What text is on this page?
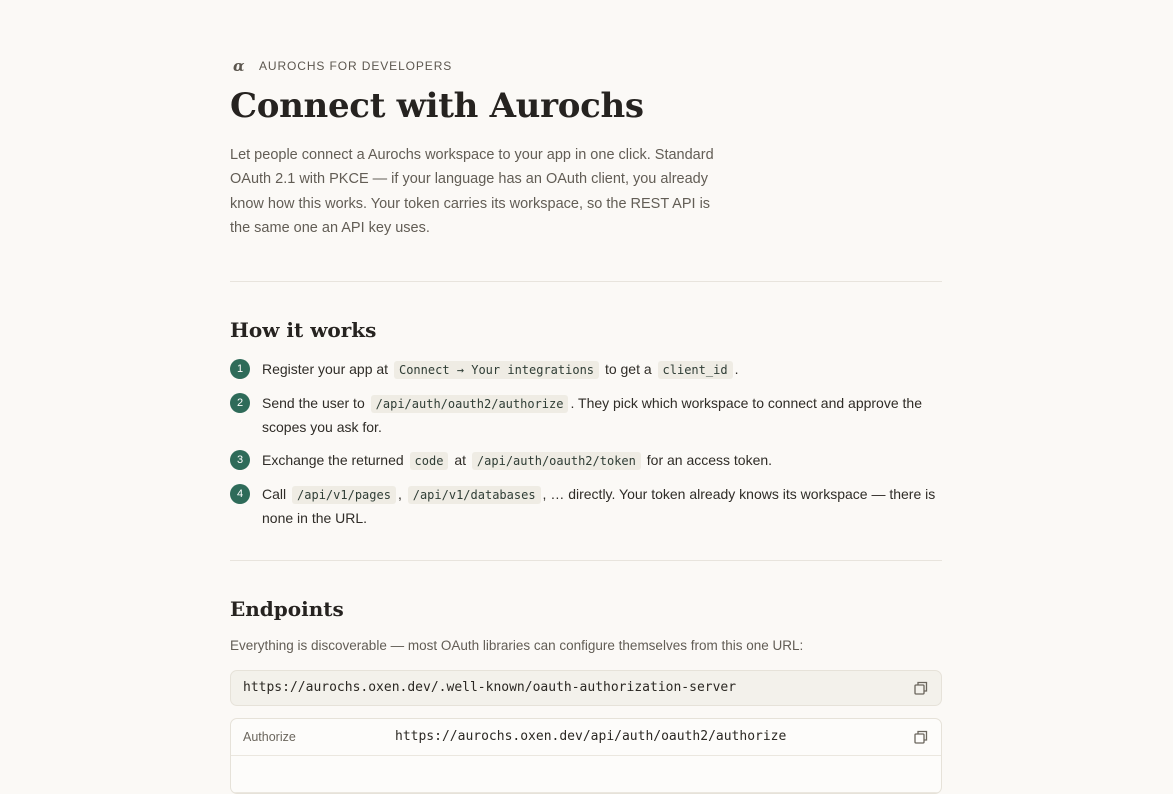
α AUROCHS FOR DEVELOPERS
Connect with Aurochs

Let people connect a Aurochs workspace to your app in one click. Standard OAuth 2.1 with PKCE — if your language has an OAuth client, you already know how this works. Your token carries its workspace, so the REST API is the same one an API key uses.

How it works
1	Register your app at Connect → Your integrations to get a client_id .
2	Send the user to /api/auth/oauth2/authorize . They pick which workspace to connect and approve the scopes you ask for.
3	Exchange the returned code at /api/auth/oauth2/token for an access token.
4	Call /api/v1/pages , /api/v1/databases , … directly. Your token already knows its workspace — there is none in the URL.
Endpoints

Everything is discoverable — most OAuth libraries can configure themselves from this one URL:

https://aurochs.oxen.dev/.well-known/oauth-authorization-server
Authorize	https://aurochs.oxen.dev/api/auth/oauth2/authorize
